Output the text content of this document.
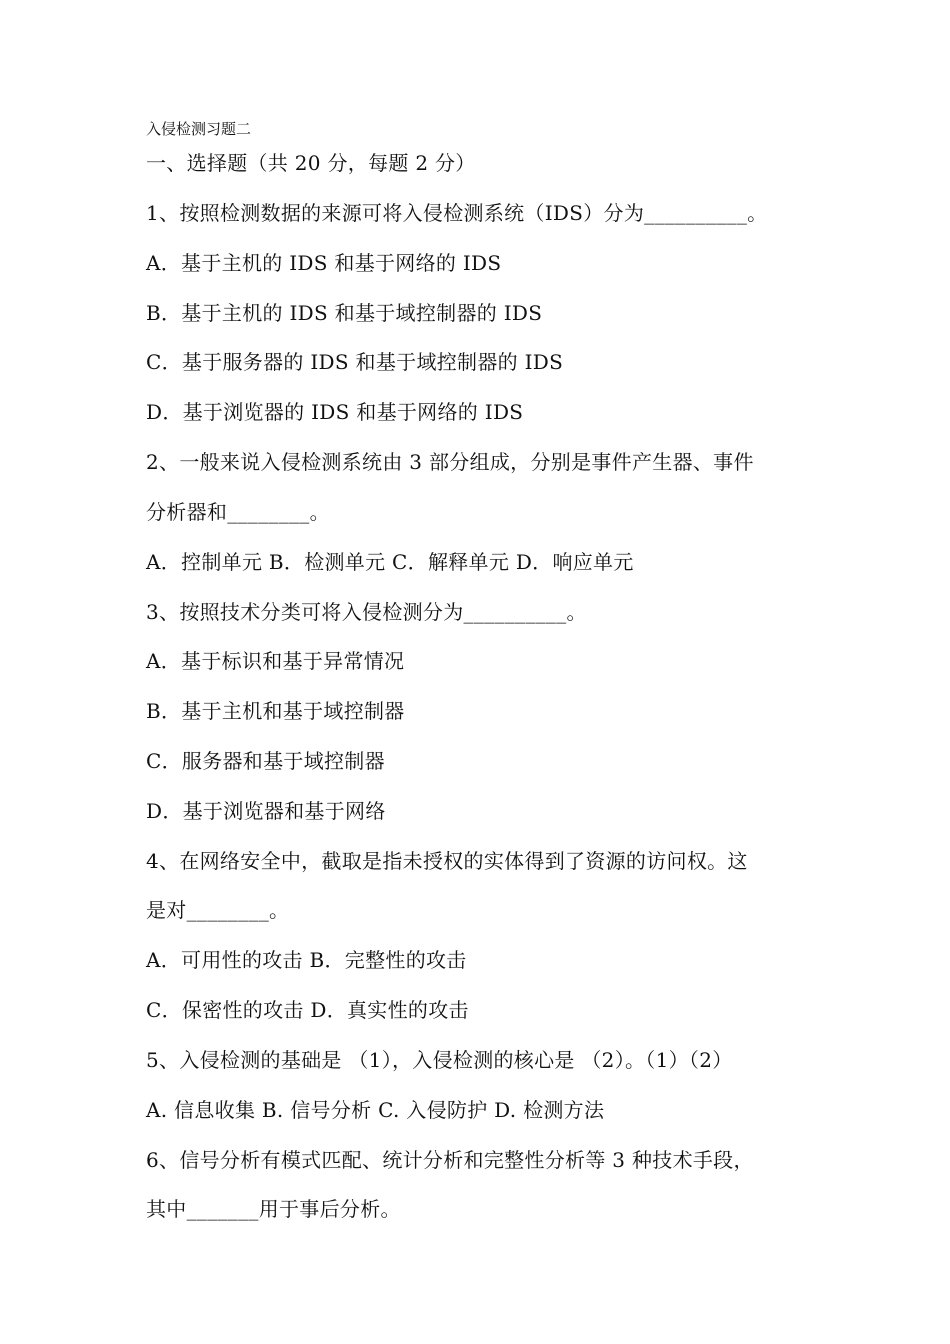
入侵检测习题二
一、选择题（共 20 分，每题 2 分）
1、按照检测数据的来源可将入侵检测系统（IDS）分为__________。
A．基于主机的 IDS 和基于网络的 IDS
B．基于主机的 IDS 和基于域控制器的 IDS
C．基于服务器的 IDS 和基于域控制器的 IDS
D．基于浏览器的 IDS 和基于网络的 IDS
2、一般来说入侵检测系统由 3 部分组成，分别是事件产生器、事件
分析器和________。
A．控制单元 B．检测单元 C．解释单元 D．响应单元
3、按照技术分类可将入侵检测分为__________。
A．基于标识和基于异常情况
B．基于主机和基于域控制器
C．服务器和基于域控制器
D．基于浏览器和基于网络
4、在网络安全中，截取是指未授权的实体得到了资源的访问权。这
是对________。
A．可用性的攻击 B．完整性的攻击
C．保密性的攻击 D．真实性的攻击
5、入侵检测的基础是 （1），入侵检测的核心是 （2）。（1）（2）
A. 信息收集 B. 信号分析 C. 入侵防护 D. 检测方法
6、信号分析有模式匹配、统计分析和完整性分析等 3 种技术手段，
其中_______用于事后分析。
